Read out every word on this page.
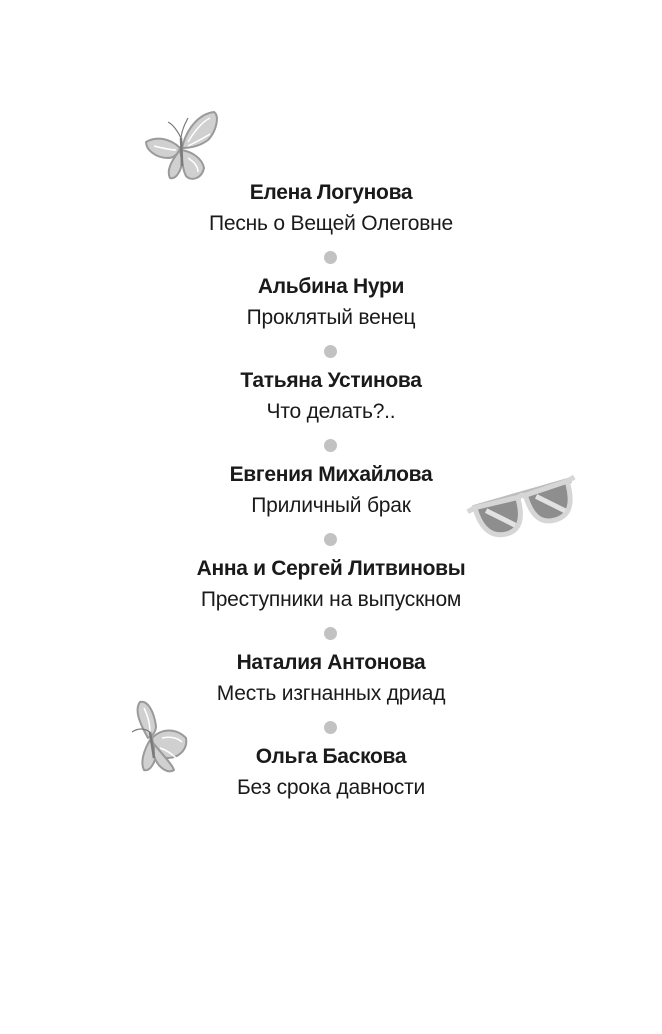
Елена Логунова
Песнь о Вещей Олеговне
Альбина Нури
Проклятый венец
Татьяна Устинова
Что делать?..
Евгения Михайлова
Приличный брак
Анна и Сергей Литвиновы
Преступники на выпускном
Наталия Антонова
Месть изгнанных дриад
Ольга Баскова
Без срока давности
